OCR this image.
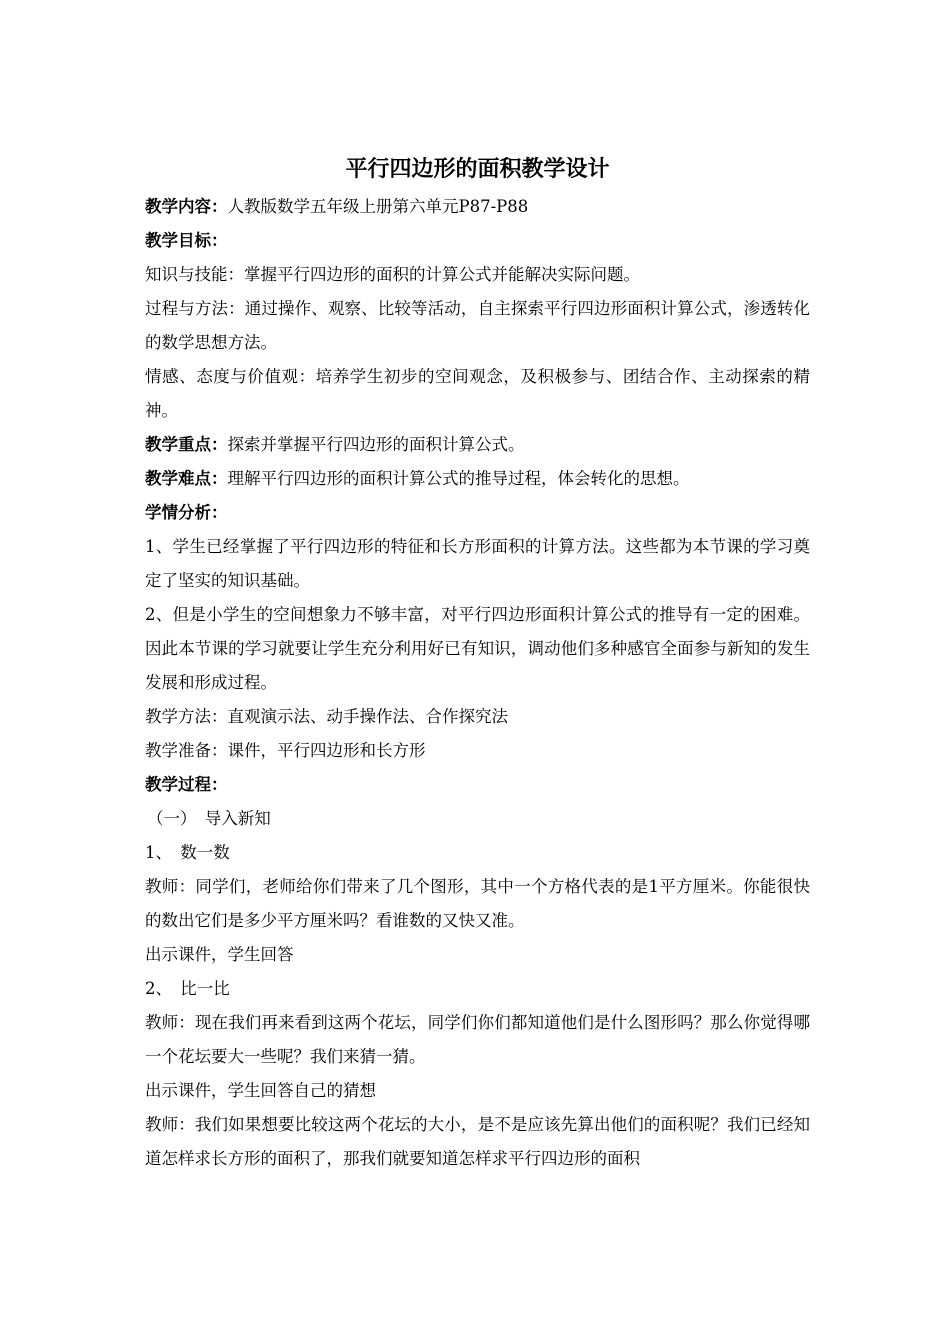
平行四边形的面积教学设计
教学内容：人教版数学五年级上册第六单元P87-P88
教学目标：
知识与技能：掌握平行四边形的面积的计算公式并能解决实际问题。

过程与方法：通过操作、观察、比较等活动，自主探索平行四边形面积计算公式，渗透转化的数学思想方法。

情感、态度与价值观：培养学生初步的空间观念，及积极参与、团结合作、主动探索的精神。

教学重点：探索并掌握平行四边形的面积计算公式。
教学难点：理解平行四边形的面积计算公式的推导过程，体会转化的思想。
学情分析：

1、学生已经掌握了平行四边形的特征和长方形面积的计算方法。这些都为本节课的学习奠定了坚实的知识基础。

2、但是小学生的空间想象力不够丰富，对平行四边形面积计算公式的推导有一定的困难。因此本节课的学习就要让学生充分利用好已有知识，调动他们多种感官全面参与新知的发生发展和形成过程。

教学方法：直观演示法、动手操作法、合作探究法
教学准备：课件，平行四边形和长方形
教学过程：
（一）　导入新知
1、　数一数

教师：同学们，老师给你们带来了几个图形，其中一个方格代表的是1平方厘米。你能很快的数出它们是多少平方厘米吗？看谁数的又快又准。

出示课件，学生回答
2、　比一比

教师：现在我们再来看到这两个花坛，同学们你们都知道他们是什么图形吗？那么你觉得哪一个花坛要大一些呢？我们来猜一猜。

出示课件，学生回答自己的猜想

教师：我们如果想要比较这两个花坛的大小，是不是应该先算出他们的面积呢？我们已经知道怎样求长方形的面积了，那我们就要知道怎样求平行四边形的面积
